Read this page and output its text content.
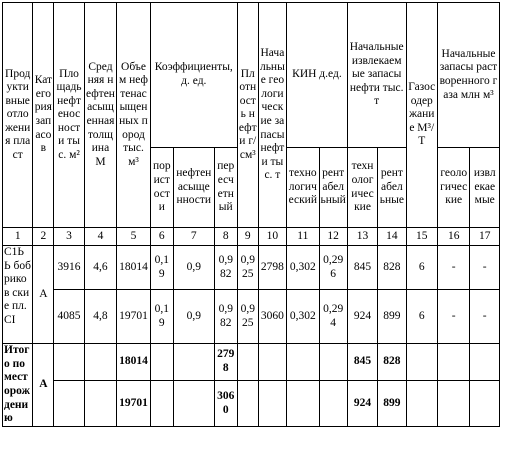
Продуктивные отложения пласт	Категория запасов	Площадь нефтеносности тыс. м²	Средняя нефтенасыщенная толщина М	Объем нефтенасыщенных пород тыс. м³	Коэффициенты, д. ед.			Плотность нефти г/см³	Начальные геологические запасы нефти тыс. т	КИН д.ед.		Начальные извлекаемые запасы нефти тыс.т		Газосодержание М³/Т	Начальные запасы растворенного газа млн м³	
					пористости	нефтенасыщенности	пересчетный			технологический	рентабельный	технологические	рентабельные		геологические	извлекаемые
1	2	3	4	5	6	7	8	9	10	11	12	13	14	15	16	17
С1Ь Ь бобриков ские пл. CI	А	3916	4,6	18014	0,19	0,9	0,982	0,925	2798	0,302	0,296	845	828	6	-	-
		4085	4,8	19701	0,19	0,9	0,982	0,925	3060	0,302	0,294	924	899	6	-	-
Итого по месторождению	А			18014			2798					845	828			
				19701			3060					924	899			
